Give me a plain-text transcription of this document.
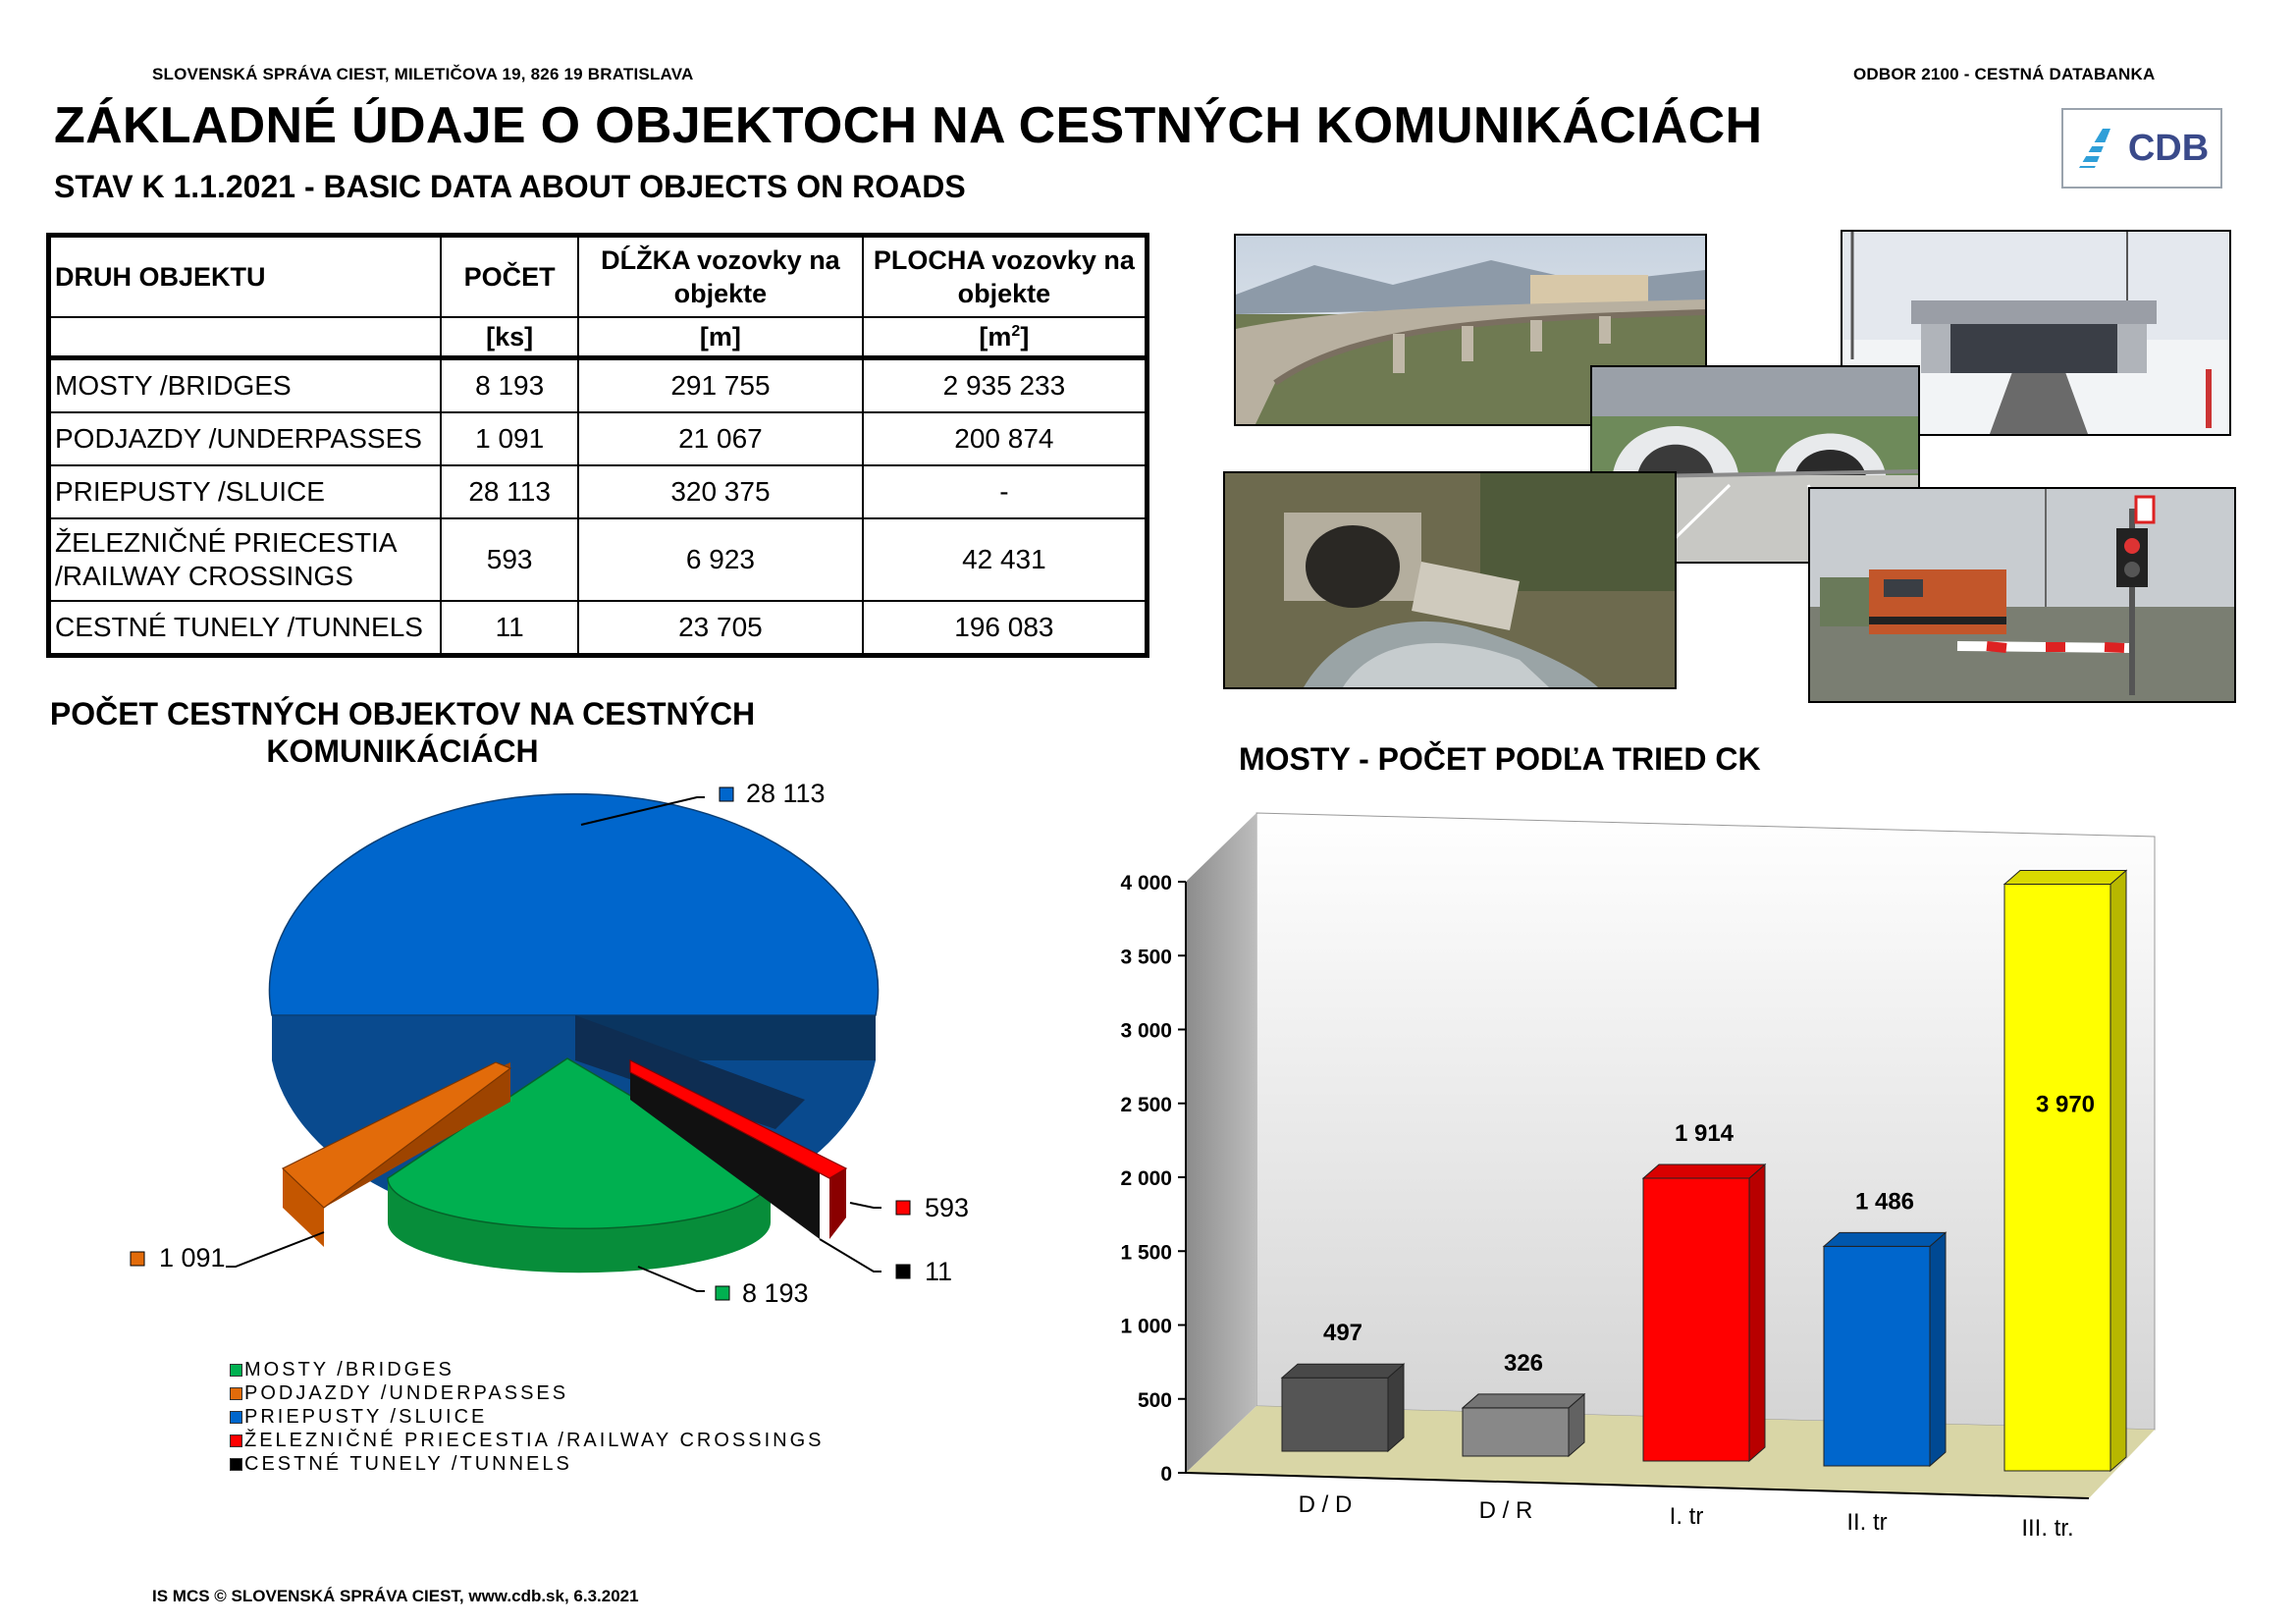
SLOVENSKÁ SPRÁVA CIEST, MILETIČOVA 19, 826 19 BRATISLAVA	ODBOR 2100 - CESTNÁ DATABANKA
ZÁKLADNÉ ÚDAJE O OBJEKTOCH NA CESTNÝCH KOMUNIKÁCIÁCH
STAV K 1.1.2021 - BASIC DATA ABOUT OBJECTS ON ROADS
CDB
DRUH OBJEKTU	POČET	DĹŽKA vozovky na objekte	PLOCHA vozovky na objekte
	[ks]	[m]	$[m^2]$
MOSTY /BRIDGES	8 193	291 755	2 935 233
PODJAZDY /UNDERPASSES	1 091	21 067	200 874
PRIEPUSTY /SLUICE	28 113	320 375	-
ŽELEZNIČNÉ PRIECESTIA /RAILWAY CROSSINGS	593	6 923	42 431
CESTNÉ TUNELY /TUNNELS	11	23 705	196 083
POČET CESTNÝCH OBJEKTOV NA CESTNÝCH
KOMUNIKÁCIÁCH
28 113
1 091
8 193
593
11
MOSTY /BRIDGES
PODJAZDY /UNDERPASSES
PRIEPUSTY /SLUICE
ŽELEZNIČNÉ PRIECESTIA /RAILWAY CROSSINGS
CESTNÉ TUNELY /TUNNELS
MOSTY - POČET PODĽA TRIED CK
0
500
1 000
1 500
2 000
2 500
3 000
3 500
4 000
497
326
1 914
1 486
3 970
D / D	D / R	I. tr	II. tr	III. tr.
IS MCS © SLOVENSKÁ SPRÁVA CIEST, www.cdb.sk, 6.3.2021
